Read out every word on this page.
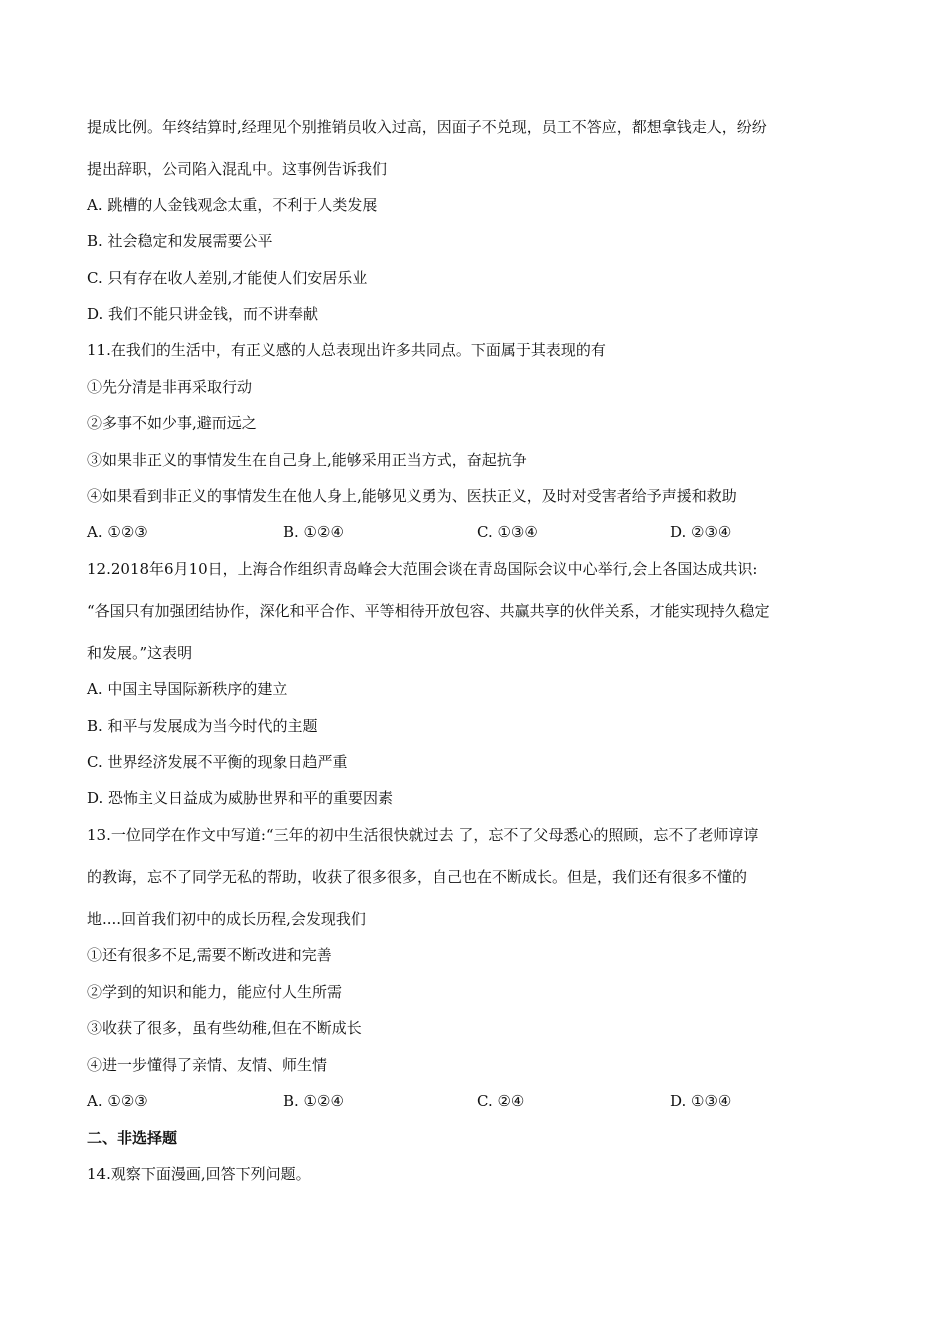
提成比例。年终结算时,经理见个别推销员收入过高，因面子不兑现，员工不答应，都想拿钱走人，纷纷
提出辞职，公司陷入混乱中。这事例告诉我们
A. 跳槽的人金钱观念太重，不利于人类发展
B. 社会稳定和发展需要公平
C. 只有存在收人差别,才能使人们安居乐业
D. 我们不能只讲金钱，而不讲奉献
11.在我们的生活中，有正义感的人总表现出许多共同点。下面属于其表现的有
①先分清是非再采取行动
②多事不如少事,避而远之
③如果非正义的事情发生在自己身上,能够采用正当方式，奋起抗争
④如果看到非正义的事情发生在他人身上,能够见义勇为、医扶正义，及时对受害者给予声援和救助
A. ①②③	B. ①②④	C. ①③④	D. ②③④
12.2018年6月10日，上海合作组织青岛峰会大范围会谈在青岛国际会议中心举行,会上各国达成共识:
“各国只有加强团结协作，深化和平合作、平等相待开放包容、共赢共享的伙伴关系，才能实现持久稳定
和发展。”这表明
A. 中国主导国际新秩序的建立
B. 和平与发展成为当今时代的主题
C. 世界经济发展不平衡的现象日趋严重
D. 恐怖主义日益成为威胁世界和平的重要因素
13.一位同学在作文中写道:“三年的初中生活很快就过去 了，忘不了父母悉心的照顾，忘不了老师谆谆
的教诲，忘不了同学无私的帮助，收获了很多很多，自己也在不断成长。但是，我们还有很多不懂的
地....回首我们初中的成长历程,会发现我们
①还有很多不足,需要不断改进和完善
②学到的知识和能力，能应付人生所需
③收获了很多，虽有些幼稚,但在不断成长
④进一步懂得了亲情、友情、师生情
A. ①②③	B. ①②④	C. ②④	D. ①③④
二、非选择题
14.观察下面漫画,回答下列问题。
